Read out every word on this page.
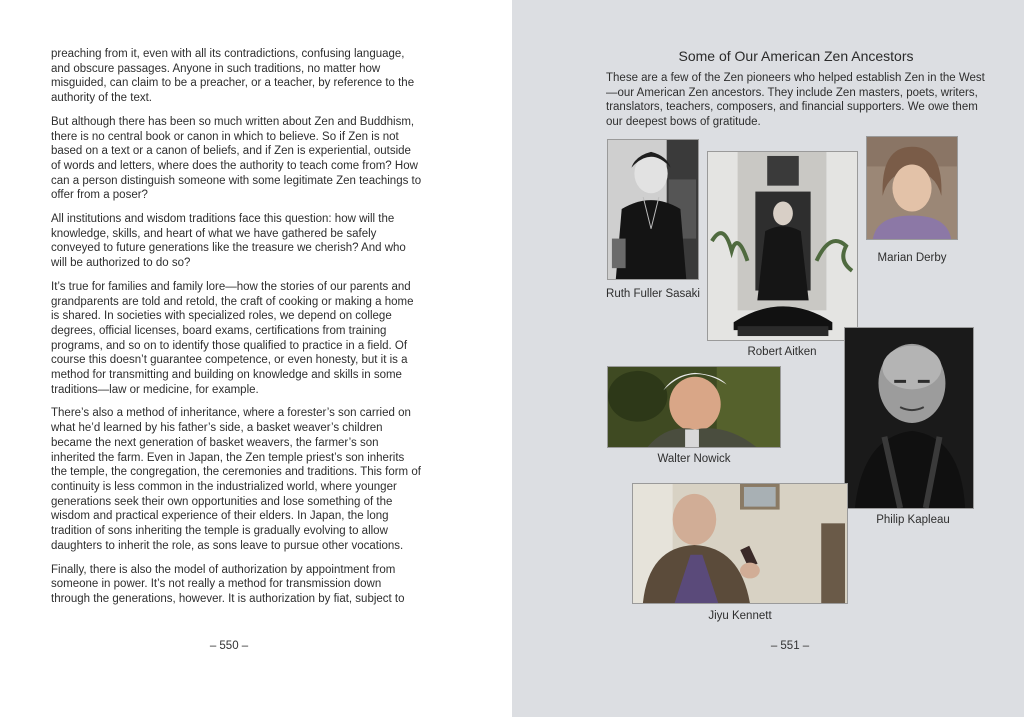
preaching from it, even with all its contradictions, confusing language, and obscure passages. Anyone in such traditions, no matter how misguided, can claim to be a preacher, or a teacher, by reference to the authority of the text.

But although there has been so much written about Zen and Buddhism, there is no central book or canon in which to believe. So if Zen is not based on a text or a canon of beliefs, and if Zen is experiential, outside of words and letters, where does the authority to teach come from? How can a person distinguish someone with some legitimate Zen teachings to offer from a poser?

All institutions and wisdom traditions face this question: how will the knowledge, skills, and heart of what we have gathered be safely conveyed to future generations like the treasure we cherish? And who will be authorized to do so?

It’s true for families and family lore—how the stories of our parents and grandparents are told and retold, the craft of cooking or making a home is shared. In societies with specialized roles, we depend on college degrees, official licenses, board exams, certifications from training programs, and so on to identify those qualified to practice in a field. Of course this doesn’t guarantee competence, or even honesty, but it is a method for transmitting and building on knowledge and skills in some traditions—law or medicine, for example.

There’s also a method of inheritance, where a forester’s son carried on what he’d learned by his father’s side, a basket weaver’s children became the next generation of basket weavers, the farmer’s son inherited the farm. Even in Japan, the Zen temple priest’s son inherits the temple, the congregation, the ceremonies and traditions. This form of continuity is less common in the industrialized world, where younger generations seek their own opportunities and lose something of the wisdom and practical experience of their elders. In Japan, the long tradition of sons inheriting the temple is gradually evolving to allow daughters to inherit the role, as sons leave to pursue other vocations.

Finally, there is also the model of authorization by appointment from someone in power. It’s not really a method for transmission down through the generations, however. It is authorization by fiat, subject to

– 550 –
Some of Our American Zen Ancestors

These are a few of the Zen pioneers who helped establish Zen in the West—our American Zen ancestors. They include Zen masters, poets, writers, translators, teachers, composers, and financial supporters. We owe them our deepest bows of gratitude.

Ruth Fuller Sasaki
Robert Aitken
Marian Derby
Walter Nowick
Philip Kapleau
Jiyu Kennett
– 551 –
